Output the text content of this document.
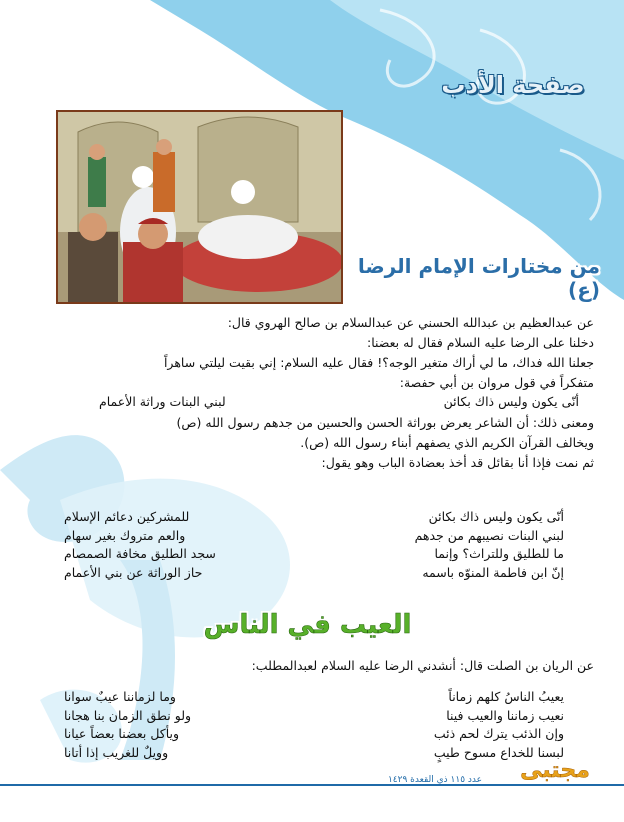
صفحة الأدب
من مختارات الإمام الرضا (ع)
عن عبدالعظيم بن عبدالله الحسني عن عبدالسلام بن صالح الهروي قال:
دخلنا على الرضا عليه السلام فقال له بعضنا:
جعلنا الله فداك، ما لي أراك متغير الوجه؟! فقال عليه السلام: إني بقيت ليلتي ساهراً
متفكراً في قول مروان بن أبي حفصة:
أنّى يكون وليس ذاك بكائن
لبني البنات وراثة الأعمام
ومعنى ذلك: أن الشاعر يعرض بوراثة الحسن والحسين من جدهم رسول الله (ص)
ويخالف القرآن الكريم الذي يصفهم أبناء رسول الله (ص).
ثم نمت فإذا أنا بقائل قد أخذ بعضادة الباب وهو يقول:
أنّى يكون وليس ذاك بكائن
للمشركين دعائم الإسلام
لبني البنات نصيبهم من جدهم
والعم متروك بغير سهام
ما للطليق وللتراث؟ وإنما
سجد الطليق مخافة الصمصام
إنّ ابن فاطمة المنوّه باسمه
حاز الوراثة عن بني الأعمام
العيب في الناس
عن الريان بن الصلت قال: أنشدني الرضا عليه السلام لعبدالمطلب:
يعيبُ الناسُ كلهم زماناً
وما لزماننا عيبٌ سوانا
نعيب زماننا والعيب فينا
ولو نطق الزمان بنا هجانا
وإن الذئب يترك لحم ذئب
ويأكل بعضنا بعضاً عيانا
لبسنا للخداع مسوح طيبٍ
وويلٌ للغريب إذا أتانا
مجتبى
عدد ١١٥ ذي القعدة ١٤٢٩
